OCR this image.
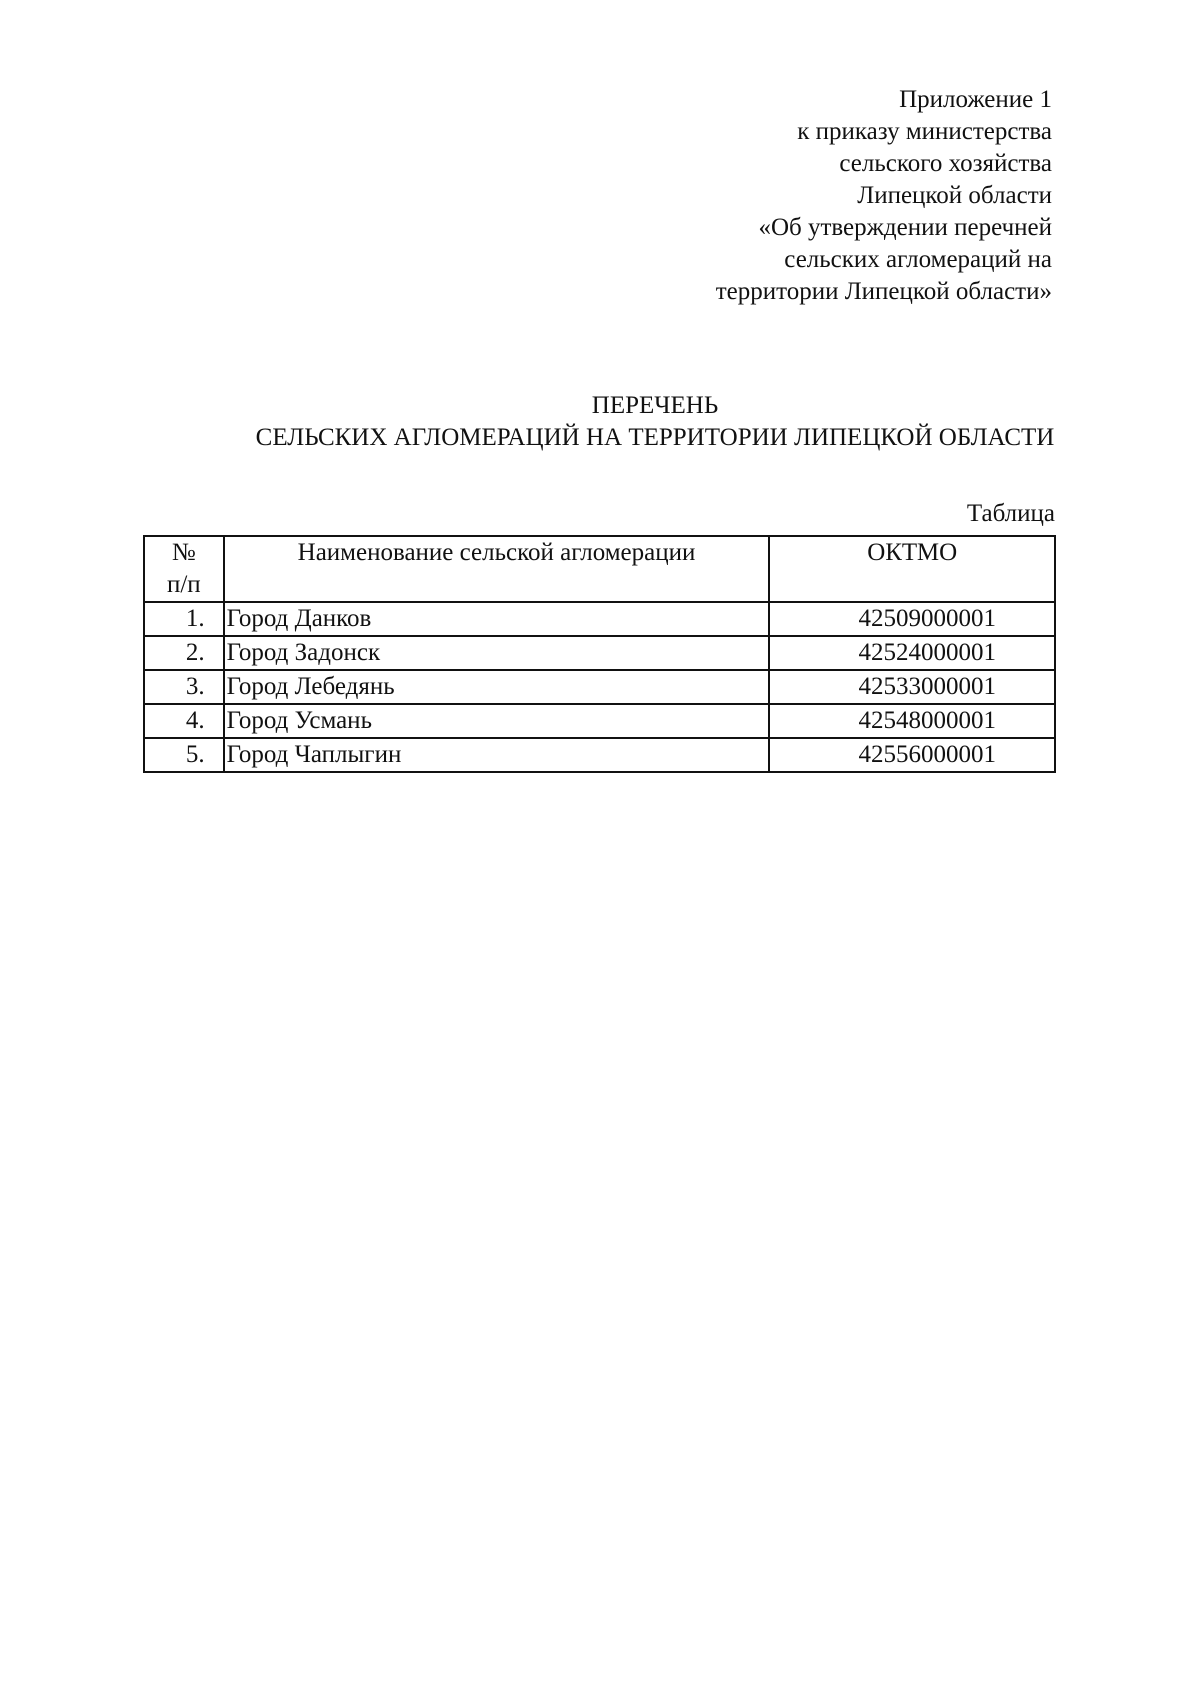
Приложение 1
к приказу министерства
сельского хозяйства
Липецкой области
«Об утверждении перечней
сельских агломераций на
территории Липецкой области»
ПЕРЕЧЕНЬ
СЕЛЬСКИХ АГЛОМЕРАЦИЙ НА ТЕРРИТОРИИ ЛИПЕЦКОЙ ОБЛАСТИ
Таблица
№
п/п	Наименование сельской агломерации	ОКТМО
1.	Город Данков	42509000001
2.	Город Задонск	42524000001
3.	Город Лебедянь	42533000001
4.	Город Усмань	42548000001
5.	Город Чаплыгин	42556000001
